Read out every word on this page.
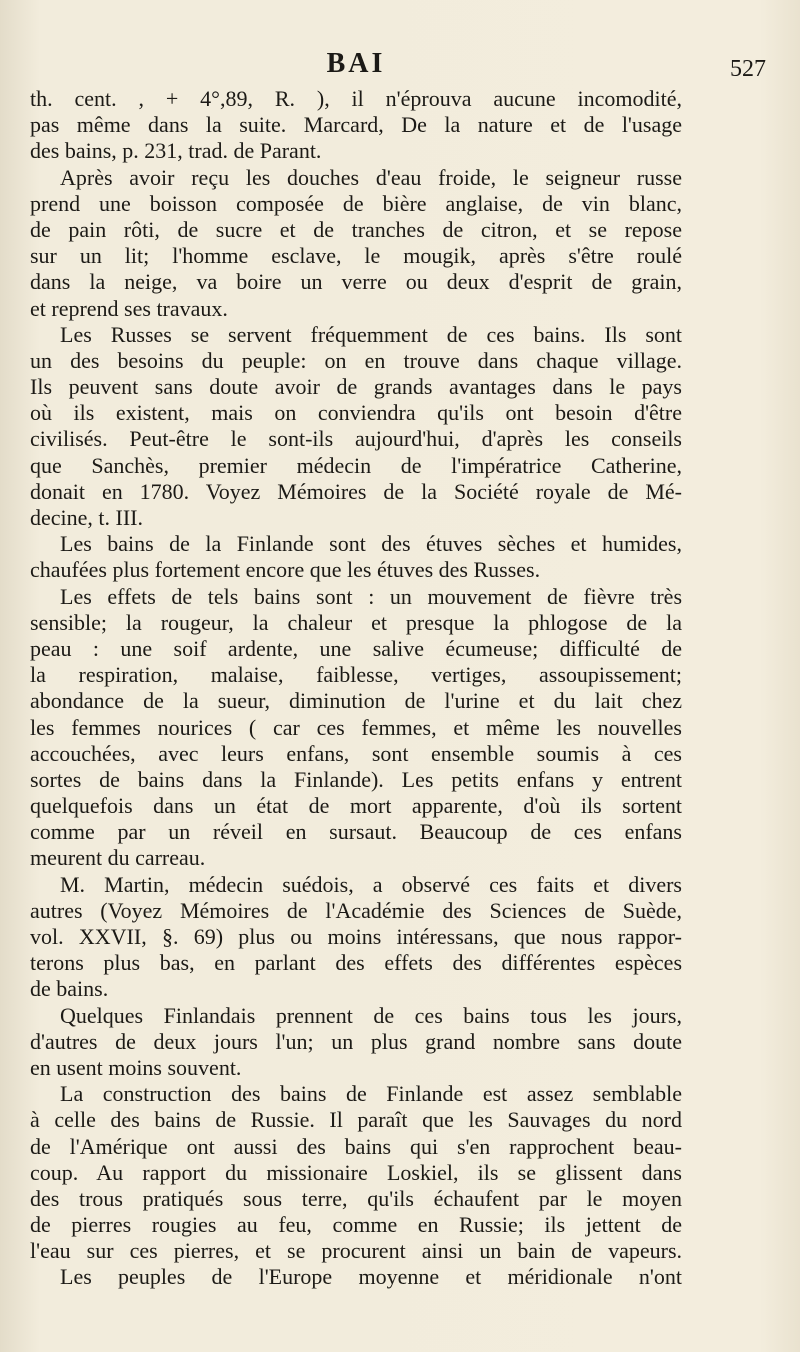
BAI	527
th. cent. , + 4°,89, R. ), il n'éprouva aucune incomodité,
pas même dans la suite. Marcard, De la nature et de l'usage
des bains, p. 231, trad. de Parant.
Après avoir reçu les douches d'eau froide, le seigneur russe
prend une boisson composée de bière anglaise, de vin blanc,
de pain rôti, de sucre et de tranches de citron, et se repose
sur un lit; l'homme esclave, le mougik, après s'être roulé
dans la neige, va boire un verre ou deux d'esprit de grain,
et reprend ses travaux.
Les Russes se servent fréquemment de ces bains. Ils sont
un des besoins du peuple: on en trouve dans chaque village.
Ils peuvent sans doute avoir de grands avantages dans le pays
où ils existent, mais on conviendra qu'ils ont besoin d'être
civilisés. Peut-être le sont-ils aujourd'hui, d'après les conseils
que Sanchès, premier médecin de l'impératrice Catherine,
donait en 1780. Voyez Mémoires de la Société royale de Mé-
decine, t. III.
Les bains de la Finlande sont des étuves sèches et humides,
chaufées plus fortement encore que les étuves des Russes.
Les effets de tels bains sont : un mouvement de fièvre très
sensible; la rougeur, la chaleur et presque la phlogose de la
peau : une soif ardente, une salive écumeuse; difficulté de
la respiration, malaise, faiblesse, vertiges, assoupissement;
abondance de la sueur, diminution de l'urine et du lait chez
les femmes nourices ( car ces femmes, et même les nouvelles
accouchées, avec leurs enfans, sont ensemble soumis à ces
sortes de bains dans la Finlande). Les petits enfans y entrent
quelquefois dans un état de mort apparente, d'où ils sortent
comme par un réveil en sursaut. Beaucoup de ces enfans
meurent du carreau.
M. Martin, médecin suédois, a observé ces faits et divers
autres (Voyez Mémoires de l'Académie des Sciences de Suède,
vol. XXVII, §. 69) plus ou moins intéressans, que nous rappor-
terons plus bas, en parlant des effets des différentes espèces
de bains.
Quelques Finlandais prennent de ces bains tous les jours,
d'autres de deux jours l'un; un plus grand nombre sans doute
en usent moins souvent.
La construction des bains de Finlande est assez semblable
à celle des bains de Russie. Il paraît que les Sauvages du nord
de l'Amérique ont aussi des bains qui s'en rapprochent beau-
coup. Au rapport du missionaire Loskiel, ils se glissent dans
des trous pratiqués sous terre, qu'ils échaufent par le moyen
de pierres rougies au feu, comme en Russie; ils jettent de
l'eau sur ces pierres, et se procurent ainsi un bain de vapeurs.
Les peuples de l'Europe moyenne et méridionale n'ont
